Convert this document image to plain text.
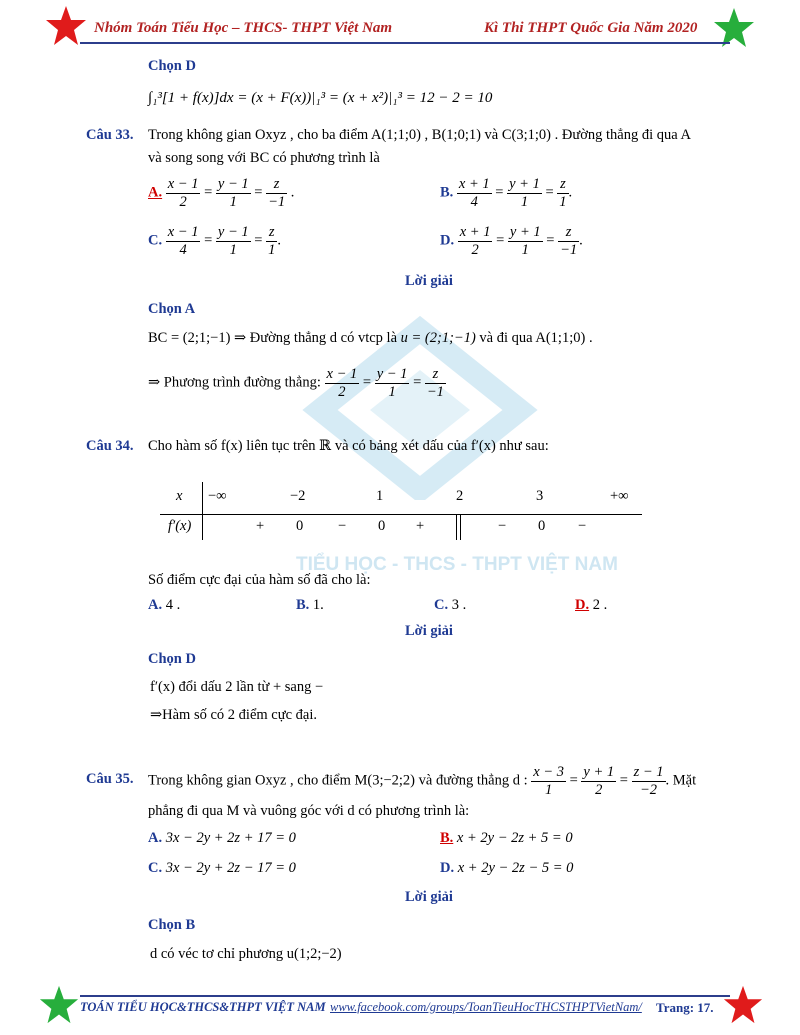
Nhóm Toán Tiểu Học – THCS- THPT Việt Nam	Kì Thi THPT Quốc Gia Năm 2020
TIỂU HỌC - THCS - THPT VIỆT NAM
Chọn D
∫₁³[1 + f(x)]dx = (x + F(x))|₁³ = (x + x²)|₁³ = 12 − 2 = 10
Câu 33. Trong không gian Oxyz , cho ba điểm A(1;1;0) , B(1;0;1) và C(3;1;0) . Đường thẳng đi qua A
và song song với BC có phương trình là
A. $\frac{x - 1}{2} = \frac{y - 1}{1} = \frac{z}{-1}$ .	B. $\frac{x + 1}{4} = \frac{y + 1}{1} = \frac{z}{1}$ .
C. $\frac{x - 1}{4} = \frac{y - 1}{1} = \frac{z}{1}$ .	D. $\frac{x + 1}{2} = \frac{y + 1}{1} = \frac{z}{-1}$ .
Lời giải
Chọn A
BC = (2;1;−1) ⇒ Đường thẳng d có vtcp là u = (2;1;−1) và đi qua A(1;1;0) .
⇒ Phương trình đường thẳng: $\frac{x - 1}{2} = \frac{y - 1}{1} = \frac{z}{-1}$
Câu 34. Cho hàm số f(x) liên tục trên ℝ và có bảng xét dấu của f′(x) như sau:
x −∞	−2	1	2	3	+∞
f′(x)	+ 0 − 0 +	− 0 −
Số điểm cực đại của hàm số đã cho là:
A. 4 .	B. 1.	C. 3 .	D. 2 .
Lời giải
Chọn D
f′(x) đổi dấu 2 lần từ + sang −
⇒Hàm số có 2 điểm cực đại.
Câu 35. Trong không gian Oxyz , cho điểm M(3;−2;2) và đường thẳng d : $\frac{x - 3}{1} = \frac{y + 1}{2} = \frac{z - 1}{-2}$ . Mặt
phẳng đi qua M và vuông góc với d có phương trình là:
A. 3x − 2y + 2z + 17 = 0	B. x + 2y − 2z + 5 = 0
C. 3x − 2y + 2z − 17 = 0	D. x + 2y − 2z − 5 = 0
Lời giải
Chọn B
d có véc tơ chỉ phương u(1;2;−2)
TOÁN TIỂU HỌC&THCS&THPT VIỆT NAM www.facebook.com/groups/ToanTieuHocTHCSTHPTVietNam/ Trang: 17.
